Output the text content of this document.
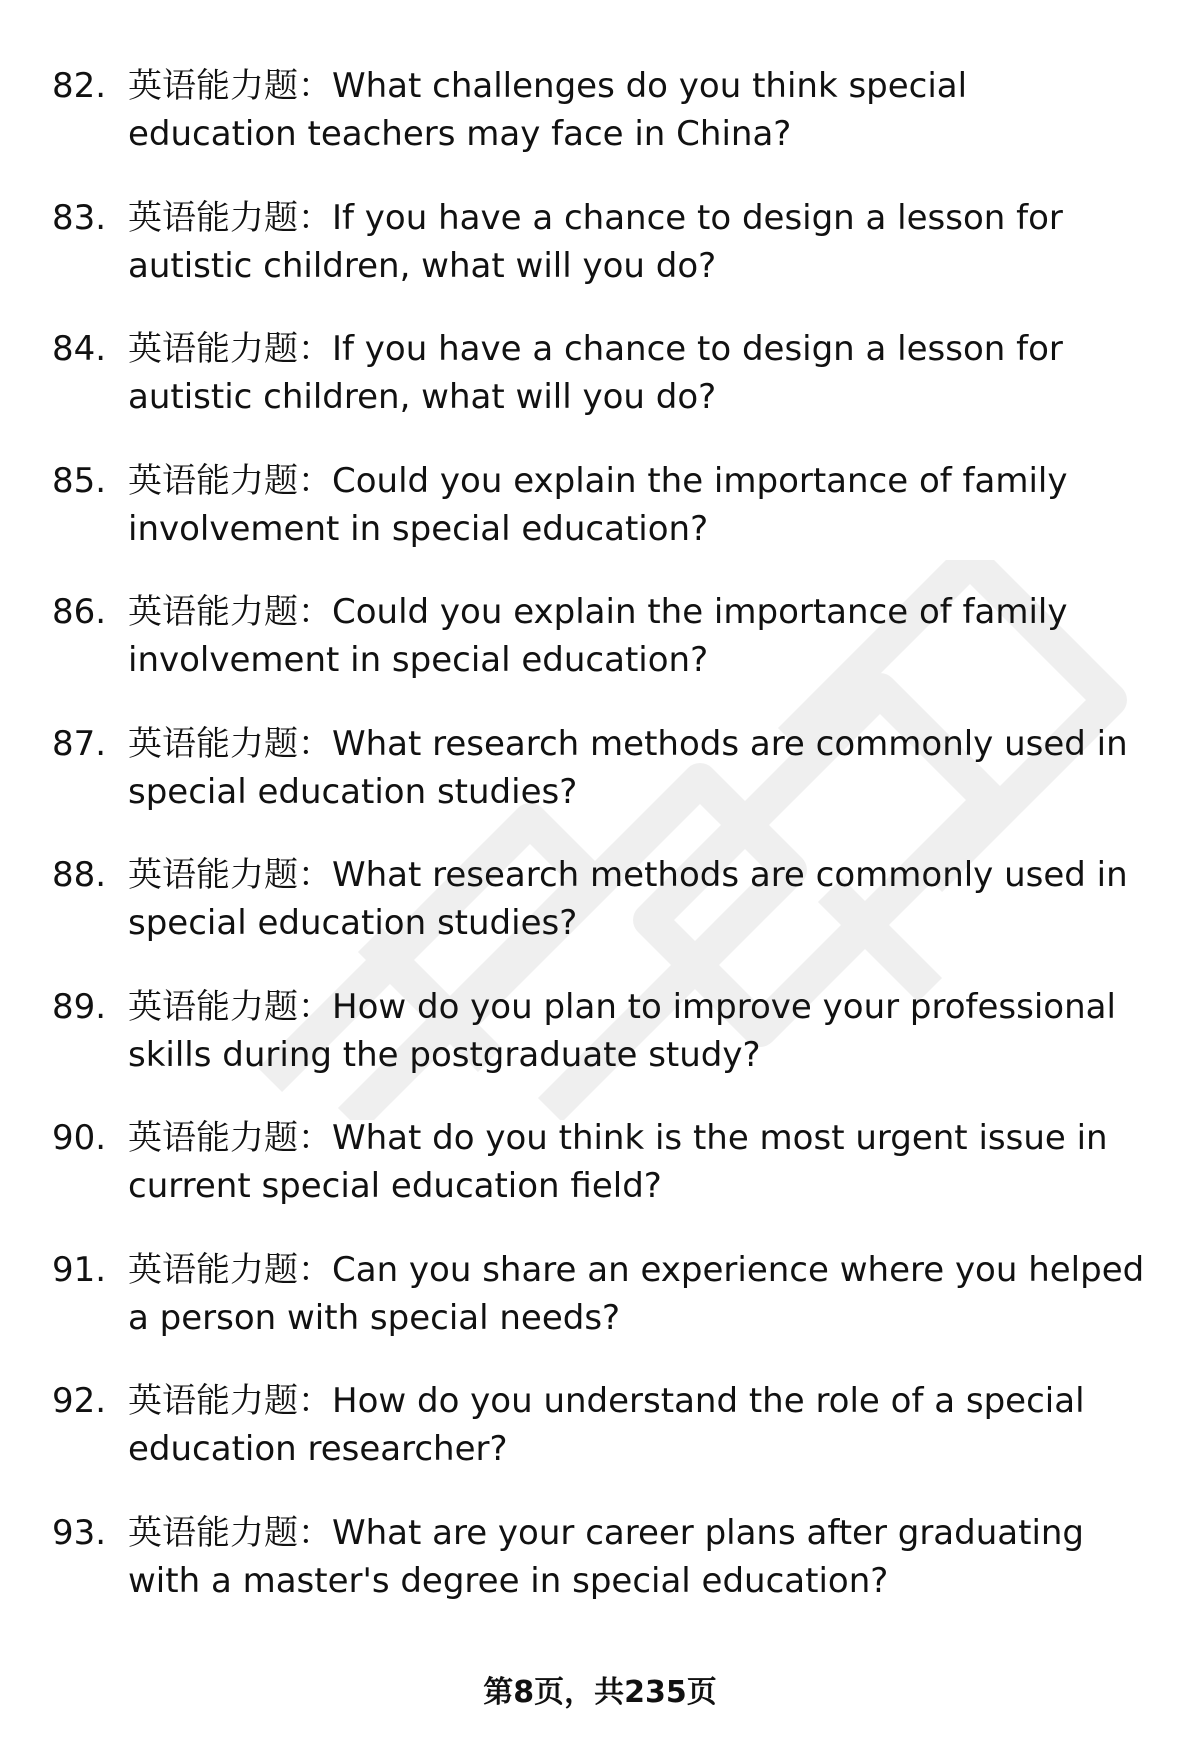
82. 英语能力题：What challenges do you think special
education teachers may face in China?
83. 英语能力题：If you have a chance to design a lesson for
autistic children, what will you do?
84. 英语能力题：If you have a chance to design a lesson for
autistic children, what will you do?
85. 英语能力题：Could you explain the importance of family
involvement in special education?
86. 英语能力题：Could you explain the importance of family
involvement in special education?
87. 英语能力题：What research methods are commonly used in
special education studies?
88. 英语能力题：What research methods are commonly used in
special education studies?
89. 英语能力题：How do you plan to improve your professional
skills during the postgraduate study?
90. 英语能力题：What do you think is the most urgent issue in
current special education field?
91. 英语能力题：Can you share an experience where you helped
a person with special needs?
92. 英语能力题：How do you understand the role of a special
education researcher?
93. 英语能力题：What are your career plans after graduating
with a master's degree in special education?
第8页，共235页
